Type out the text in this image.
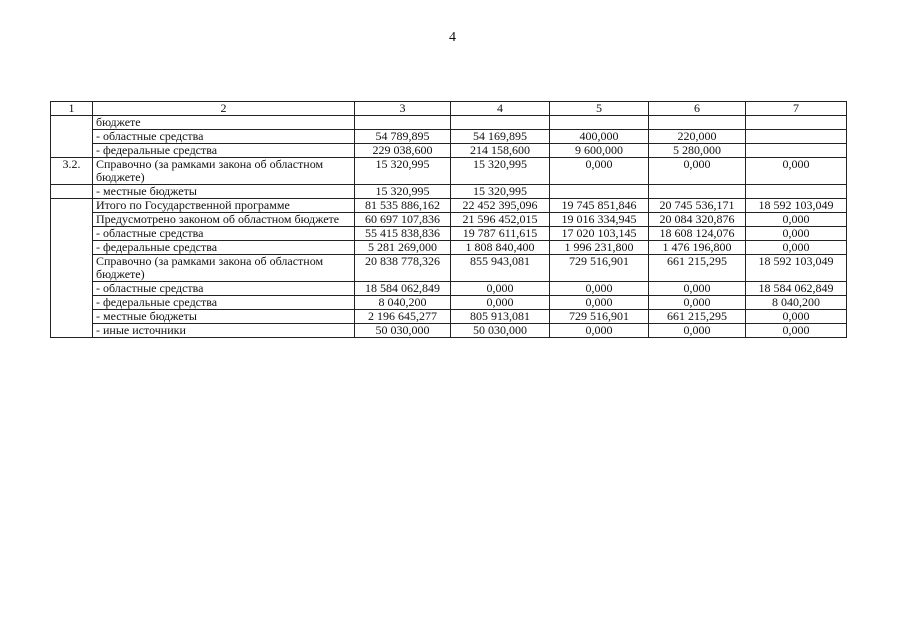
4
1	2	3	4	5	6	7
	бюджете					
	- областные средства	54 789,895	54 169,895	400,000	220,000	
	- федеральные средства	229 038,600	214 158,600	9 600,000	5 280,000	
3.2.	Справочно (за рамками закона об областном бюджете)	15 320,995	15 320,995	0,000	0,000	0,000
	- местные бюджеты	15 320,995	15 320,995			
	Итого по Государственной программе	81 535 886,162	22 452 395,096	19 745 851,846	20 745 536,171	18 592 103,049
	Предусмотрено законом об областном бюджете	60 697 107,836	21 596 452,015	19 016 334,945	20 084 320,876	0,000
	- областные средства	55 415 838,836	19 787 611,615	17 020 103,145	18 608 124,076	0,000
	- федеральные средства	5 281 269,000	1 808 840,400	1 996 231,800	1 476 196,800	0,000
	Справочно (за рамками закона об областном бюджете)	20 838 778,326	855 943,081	729 516,901	661 215,295	18 592 103,049
	- областные средства	18 584 062,849	0,000	0,000	0,000	18 584 062,849
	- федеральные средства	8 040,200	0,000	0,000	0,000	8 040,200
	- местные бюджеты	2 196 645,277	805 913,081	729 516,901	661 215,295	0,000
	- иные источники	50 030,000	50 030,000	0,000	0,000	0,000
